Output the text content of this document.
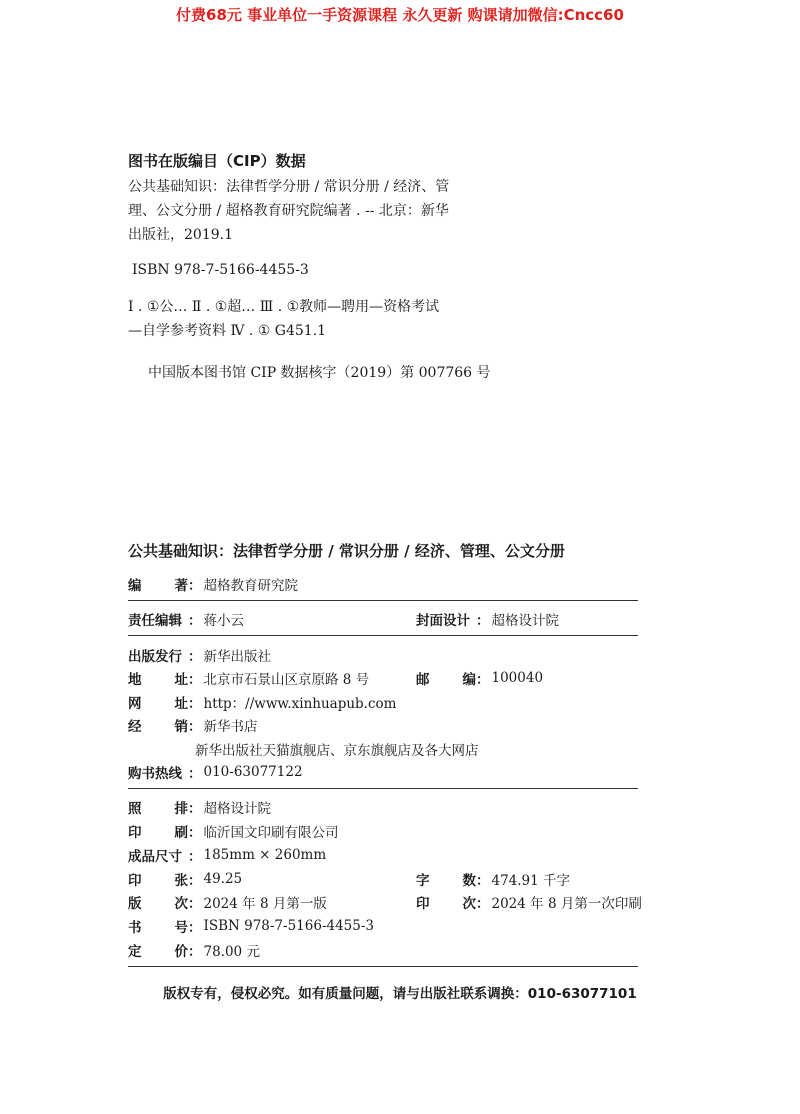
付费68元 事业单位一手资源课程 永久更新 购课请加微信:Cncc60
图书在版编目（CIP）数据
公共基础知识：法律哲学分册 / 常识分册 / 经济、管
理、公文分册 / 超格教育研究院编著 . -- 北京：新华
出版社，2019.1
ISBN 978-7-5166-4455-3
Ⅰ . ①公… Ⅱ . ①超… Ⅲ . ①教师—聘用—资格考试
—自学参考资料 Ⅳ . ① G451.1
中国版本图书馆 CIP 数据核字（2019）第 007766 号
公共基础知识：法律哲学分册 / 常识分册 / 经济、管理、公文分册
编 著 ： 超格教育研究院
责任编辑 ： 蒋小云	封面设计 ： 超格设计院
出版发行 ： 新华出版社
地 址 ： 北京市石景山区京原路 8 号	邮 编 ： 100040
网 址 ： http：//www.xinhuapub.com
经 销 ： 新华书店
新华出版社天猫旗舰店、京东旗舰店及各大网店
购书热线 ： 010-63077122
照 排 ： 超格设计院
印 刷 ： 临沂国文印刷有限公司
成品尺寸 ： 185mm × 260mm
印 张 ： 49.25	字 数 ： 474.91 千字
版 次 ： 2024 年 8 月第一版	印 次 ： 2024 年 8 月第一次印刷
书 号 ： ISBN 978-7-5166-4455-3
定 价 ： 78.00 元
版权专有，侵权必究。如有质量问题，请与出版社联系调换：010-63077101
